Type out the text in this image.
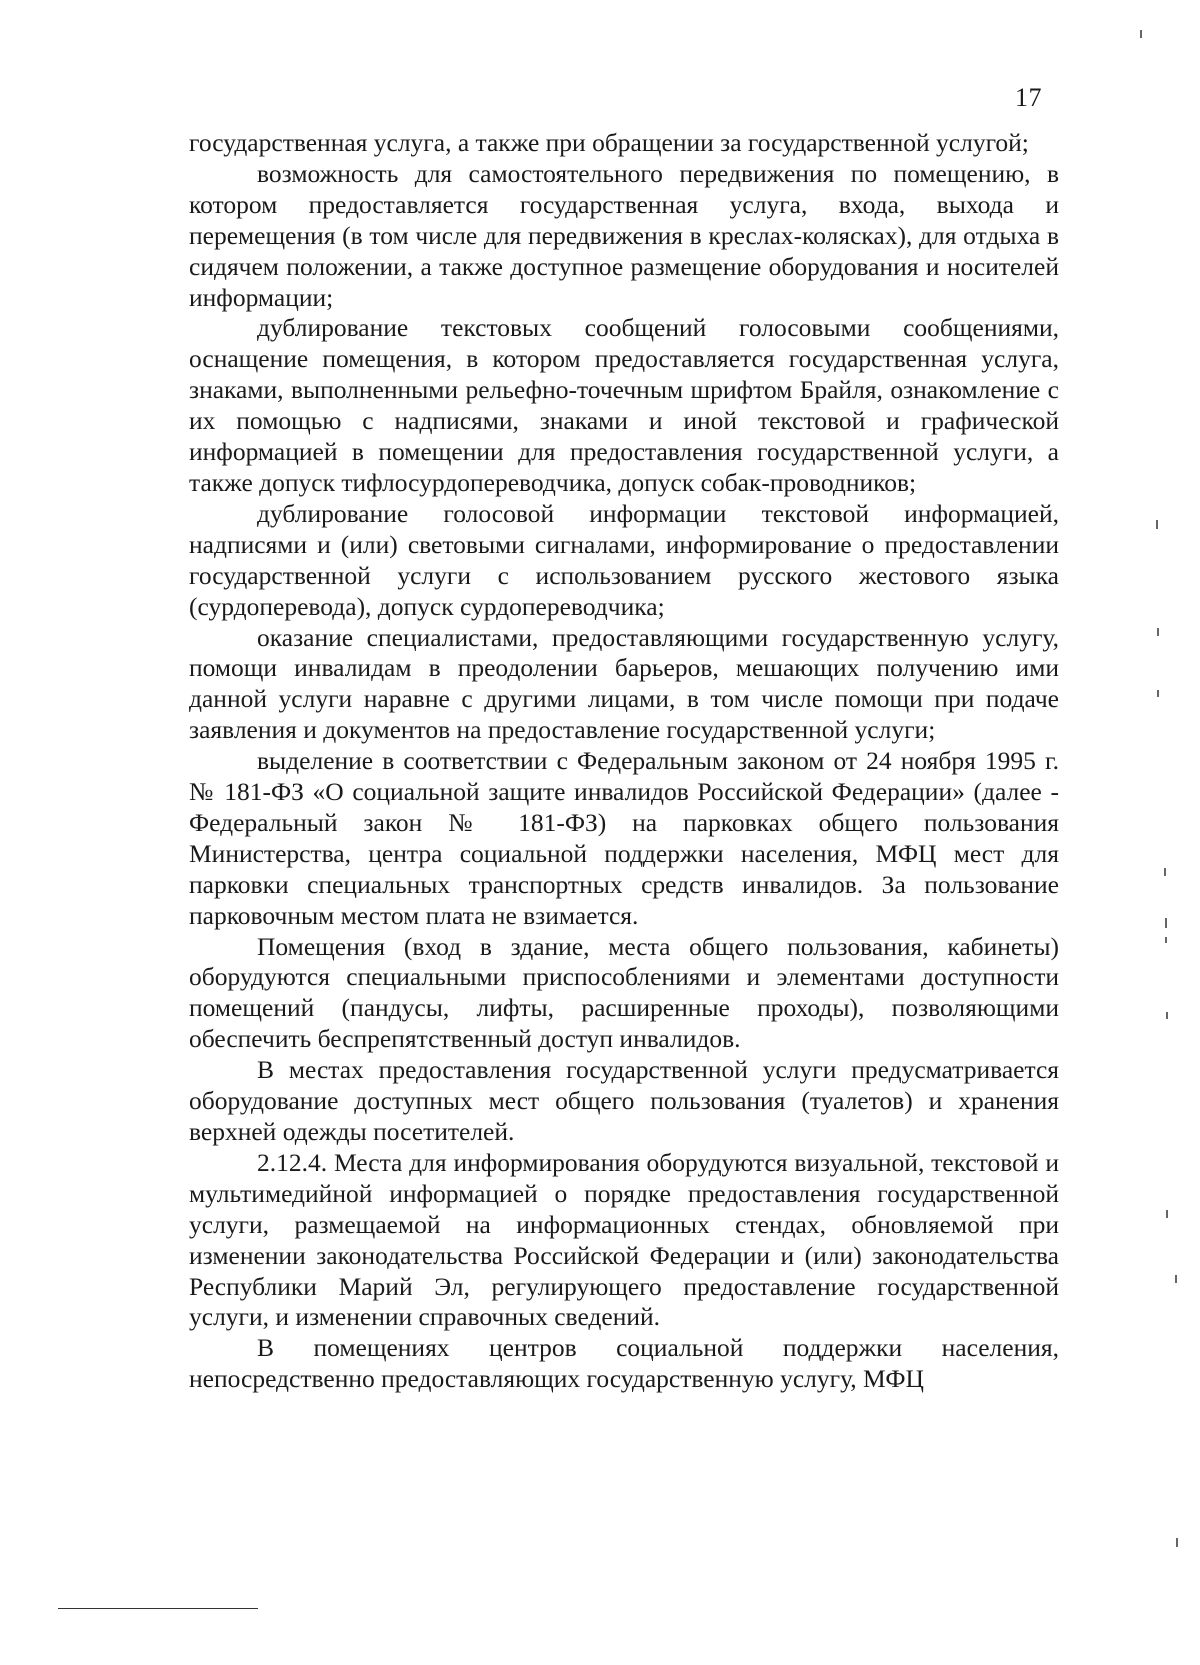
17

государственная услуга, а также при обращении за государственной услугой;

возможность для самостоятельного передвижения по помещению, в котором предоставляется государственная услуга, входа, выхода и перемещения (в том числе для передвижения в креслах-колясках), для отдыха в сидячем положении, а также доступное размещение оборудования и носителей информации;

дублирование текстовых сообщений голосовыми сообщениями, оснащение помещения, в котором предоставляется государственная услуга, знаками, выполненными рельефно-точечным шрифтом Брайля, ознакомление с их помощью с надписями, знаками и иной текстовой и графической информацией в помещении для предоставления государственной услуги, а также допуск тифлосурдопереводчика, допуск собак-проводников;

дублирование голосовой информации текстовой информацией, надписями и (или) световыми сигналами, информирование о предоставлении государственной услуги с использованием русского жестового языка (сурдоперевода), допуск сурдопереводчика;

оказание специалистами, предоставляющими государственную услугу, помощи инвалидам в преодолении барьеров, мешающих получению ими данной услуги наравне с другими лицами, в том числе помощи при подаче заявления и документов на предоставление государственной услуги;

выделение в соответствии с Федеральным законом от 24 ноября 1995 г. № 181-ФЗ «О социальной защите инвалидов Российской Федерации» (далее - Федеральный закон № 181-ФЗ) на парковках общего пользования Министерства, центра социальной поддержки населения, МФЦ мест для парковки специальных транспортных средств инвалидов. За пользование парковочным местом плата не взимается.

Помещения (вход в здание, места общего пользования, кабинеты) оборудуются специальными приспособлениями и элементами доступности помещений (пандусы, лифты, расширенные проходы), позволяющими обеспечить беспрепятственный доступ инвалидов.

В местах предоставления государственной услуги предусматривается оборудование доступных мест общего пользования (туалетов) и хранения верхней одежды посетителей.

2.12.4. Места для информирования оборудуются визуальной, текстовой и мультимедийной информацией о порядке предоставления государственной услуги, размещаемой на информационных стендах, обновляемой при изменении законодательства Российской Федерации и (или) законодательства Республики Марий Эл, регулирующего предоставление государственной услуги, и изменении справочных сведений.

В помещениях центров социальной поддержки населения, непосредственно предоставляющих государственную услугу, МФЦ
